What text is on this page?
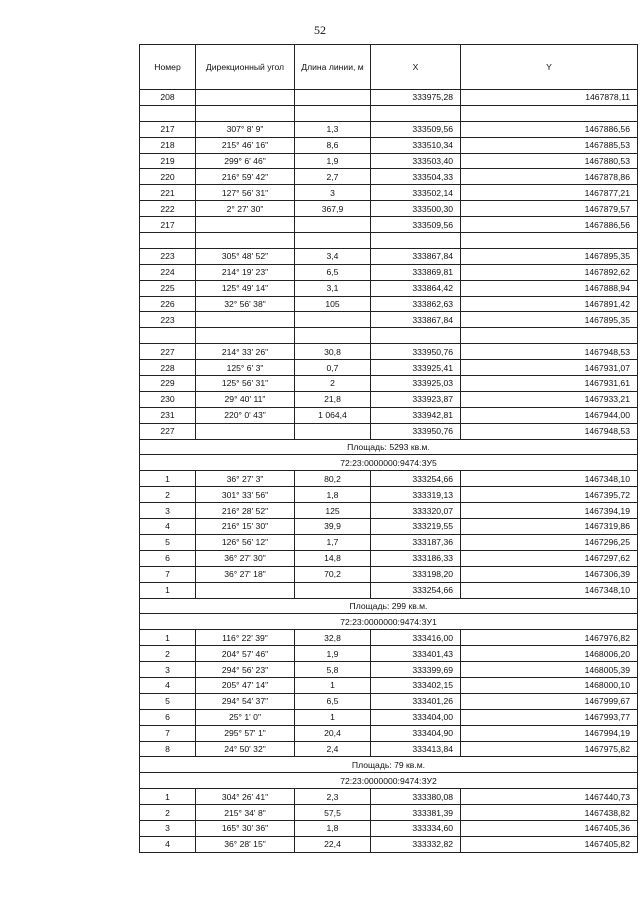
52
Номер	Дирекционный угол	Длина линии, м	X	Y
208			333975,28	1467878,11

217	307° 8' 9"	1,3	333509,56	1467886,56
218	215° 46' 16"	8,6	333510,34	1467885,53
219	299° 6' 46"	1,9	333503,40	1467880,53
220	216° 59' 42"	2,7	333504,33	1467878,86
221	127° 56' 31"	3	333502,14	1467877,21
222	2° 27' 30"	367,9	333500,30	1467879,57
217			333509,56	1467886,56

223	305° 48' 52"	3,4	333867,84	1467895,35
224	214° 19' 23"	6,5	333869,81	1467892,62
225	125° 49' 14"	3,1	333864,42	1467888,94
226	32° 56' 38"	105	333862,63	1467891,42
223			333867,84	1467895,35

227	214° 33' 26"	30,8	333950,76	1467948,53
228	125° 6' 3"	0,7	333925,41	1467931,07
229	125° 56' 31"	2	333925,03	1467931,61
230	29° 40' 11"	21,8	333923,87	1467933,21
231	220° 0' 43"	1 064,4	333942,81	1467944,00
227			333950,76	1467948,53
Площадь: 5293 кв.м.				
72:23:0000000:9474:ЗУ5				
1	36° 27' 3"	80,2	333254,66	1467348,10
2	301° 33' 56"	1,8	333319,13	1467395,72
3	216° 28' 52"	125	333320,07	1467394,19
4	216° 15' 30"	39,9	333219,55	1467319,86
5	126° 56' 12"	1,7	333187,36	1467296,25
6	36° 27' 30"	14,8	333186,33	1467297,62
7	36° 27' 18"	70,2	333198,20	1467306,39
1			333254,66	1467348,10
Площадь: 299 кв.м.				
72:23:0000000:9474:ЗУ1				
1	116° 22' 39"	32,8	333416,00	1467976,82
2	204° 57' 46"	1,9	333401,43	1468006,20
3	294° 56' 23"	5,8	333399,69	1468005,39
4	205° 47' 14"	1	333402,15	1468000,10
5	294° 54' 37"	6,5	333401,26	1467999,67
6	25° 1' 0"	1	333404,00	1467993,77
7	295° 57' 1"	20,4	333404,90	1467994,19
8	24° 50' 32"	2,4	333413,84	1467975,82
Площадь: 79 кв.м.				
72:23:0000000:9474:ЗУ2				
1	304° 26' 41"	2,3	333380,08	1467440,73
2	215° 34' 8"	57,5	333381,39	1467438,82
3	165° 30' 36"	1,8	333334,60	1467405,36
4	36° 28' 15"	22,4	333332,82	1467405,82
